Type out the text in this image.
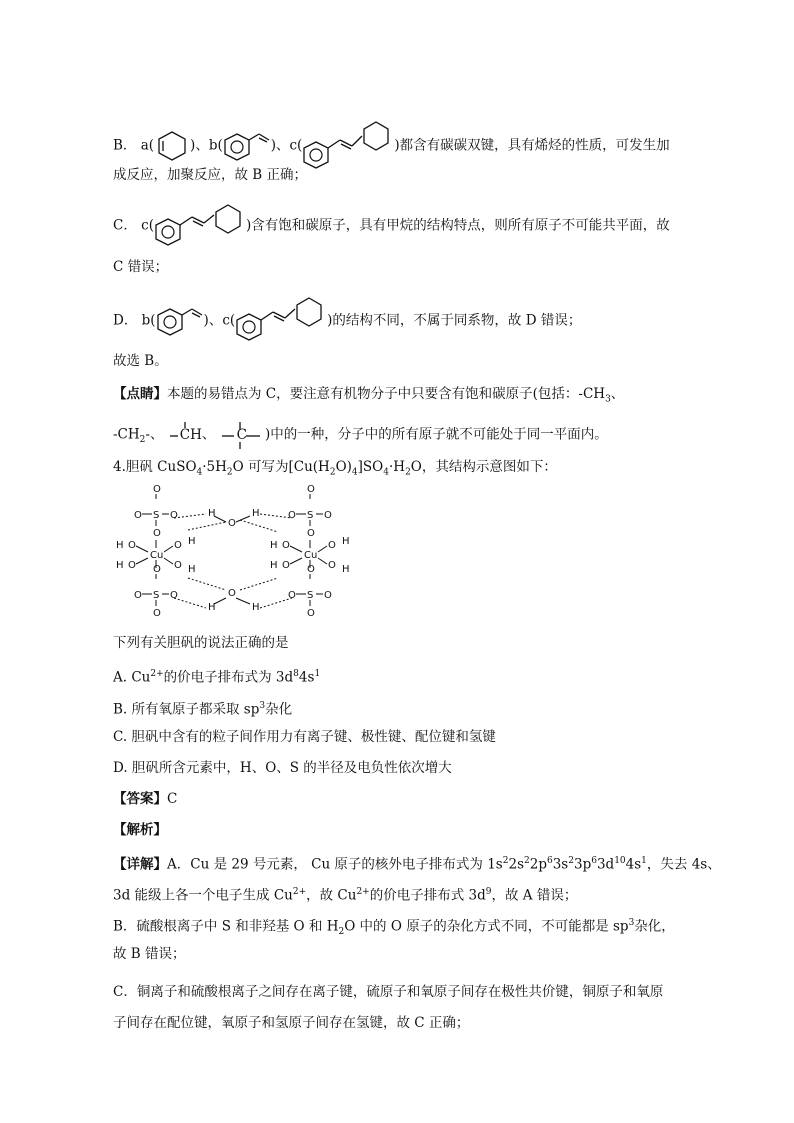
B． a(	)、b(	)、c(	)都含有碳碳双键，具有烯烃的性质，可发生加
成反应，加聚反应，故 B 正确；
C． c(	)含有饱和碳原子，具有甲烷的结构特点，则所有原子不可能共平面，故
C 错误；
D． b(	)、c(	)的结构不同，不属于同系物，故 D 错误；
故选 B。
【点睛】本题的易错点为 C，要注意有机物分子中只要含有饱和碳原子(包括：$-CH_3$、
$-CH_2-$、 CH、 C )中的一种，分子中的所有原子就不可能处于同一平面内。
4.胆矾 $CuSO_4\cdot 5H_2O$ 可写为$[Cu(H_2O)_4]SO_4\cdot H_2O$，其结构示意图如下：
O
S
O	O
O
O
S
O	O
O
O
S
O	O
O
O
S
O	O
O
Cu
O
H
O
H
O H
O H
Cu
O
H
O
H
O H
O H
O
H	H
O
H	H
下列有关胆矾的说法正确的是
A. $Cu^{2+}$的价电子排布式为 $3d^84s^1$
B. 所有氧原子都采取 $sp^3$杂化
C. 胆矾中含有的粒子间作用力有离子键、极性键、配位键和氢键
D. 胆矾所含元素中，H、O、S 的半径及电负性依次增大
【答案】C
【解析】
【详解】A．Cu 是 29 号元素， Cu 原子的核外电子排布式为 $1s^22s^22p^63s^23p^63d^{10}4s^1$，失去 4s、
3d 能级上各一个电子生成 $Cu^{2+}$，故 $Cu^{2+}$的价电子排布式 $3d^9$，故 A 错误；
B．硫酸根离子中 S 和非羟基 O 和 $H_2O$ 中的 O 原子的杂化方式不同，不可能都是 $sp^3$杂化，
故 B 错误；
C．铜离子和硫酸根离子之间存在离子键，硫原子和氧原子间存在极性共价键，铜原子和氧原
子间存在配位键，氧原子和氢原子间存在氢键，故 C 正确；
